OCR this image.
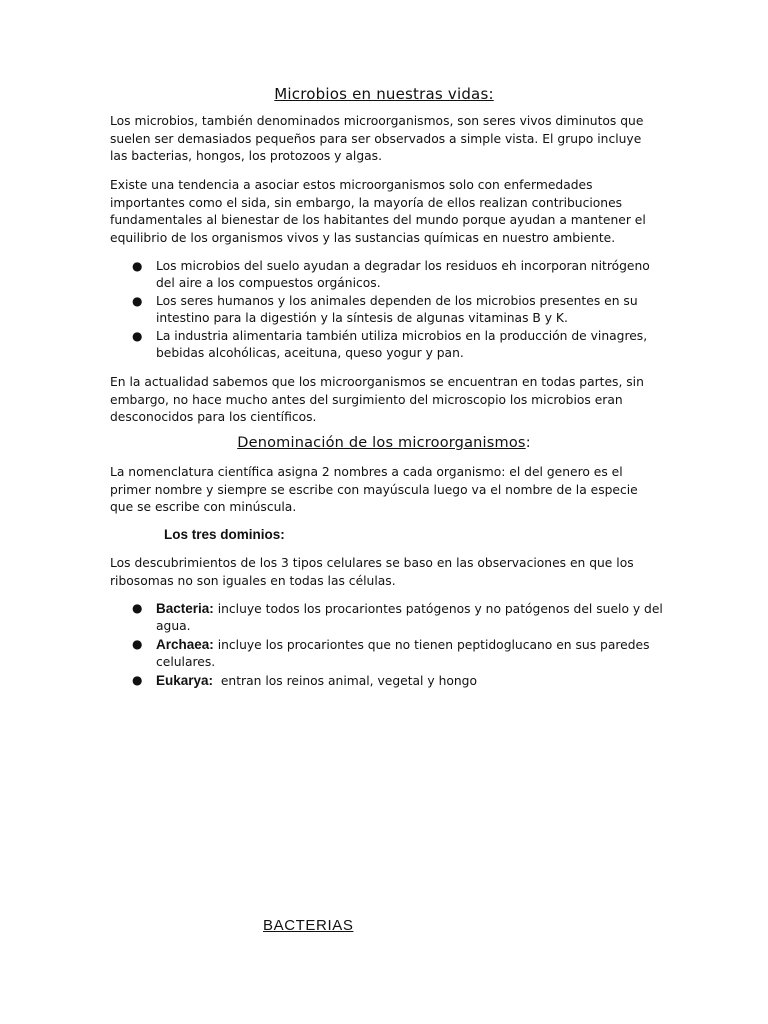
Microbios en nuestras vidas:

Los microbios, también denominados microorganismos, son seres vivos diminutos que suelen ser demasiados pequeños para ser observados a simple vista. El grupo incluye las bacterias, hongos, los protozoos y algas.

Existe una tendencia a asociar estos microorganismos solo con enfermedades importantes como el sida, sin embargo, la mayoría de ellos realizan contribuciones fundamentales al bienestar de los habitantes del mundo porque ayudan a mantener el equilibrio de los organismos vivos y las sustancias químicas en nuestro ambiente.

● Los microbios del suelo ayudan a degradar los residuos eh incorporan nitrógeno del aire a los compuestos orgánicos.
● Los seres humanos y los animales dependen de los microbios presentes en su intestino para la digestión y la síntesis de algunas vitaminas B y K.
● La industria alimentaria también utiliza microbios en la producción de vinagres, bebidas alcohólicas, aceituna, queso yogur y pan.

En la actualidad sabemos que los microorganismos se encuentran en todas partes, sin embargo, no hace mucho antes del surgimiento del microscopio los microbios eran desconocidos para los científicos.

Denominación de los microorganismos:

La nomenclatura científica asigna 2 nombres a cada organismo: el del genero es el primer nombre y siempre se escribe con mayúscula luego va el nombre de la especie que se escribe con minúscula.

Los tres dominios:

Los descubrimientos de los 3 tipos celulares se baso en las observaciones en que los ribosomas no son iguales en todas las células.

● Bacteria: incluye todos los procariontes patógenos y no patógenos del suelo y del agua.
● Archaea: incluye los procariontes que no tienen peptidoglucano en sus paredes celulares.
● Eukarya:  entran los reinos animal, vegetal y hongo
BACTERIAS
